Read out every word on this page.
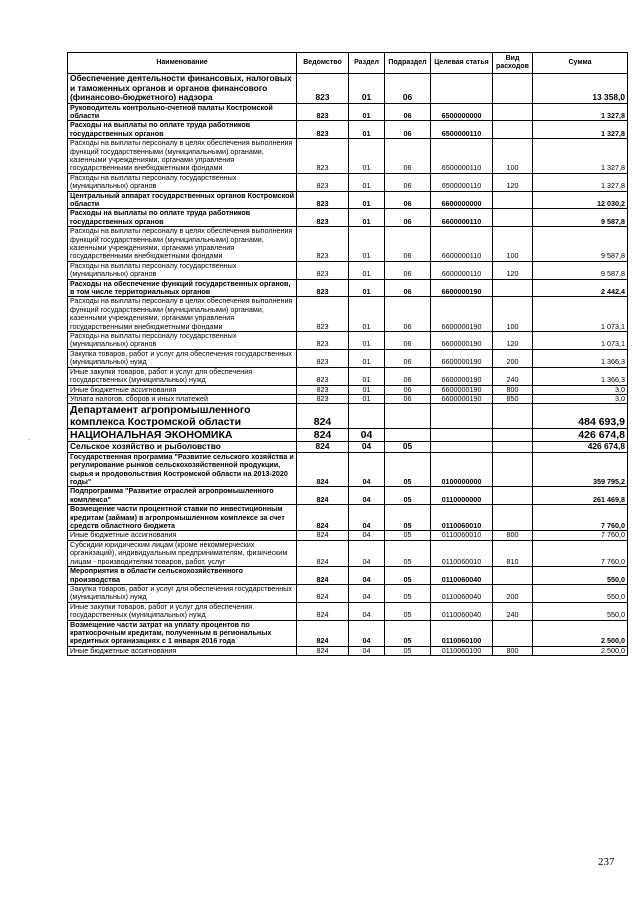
Наименование	Ведомство	Раздел	Подраздел	Целевая статья	Вид расходов	Сумма
Обеспечение деятельности финансовых, налоговых и таможенных органов и органов финансового (финансово-бюджетного) надзора	823	01	06			13 358,0
Руководитель контрольно-счетной палаты Костромской области	823	01	06	6500000000		1 327,8
Расходы на выплаты по оплате труда работников государственных органов	823	01	06	6500000110		1 327,8
Расходы на выплаты персоналу в целях обеспечения выполнения функций государственными (муниципальными) органами, казенными учреждениями, органами управления государственными внебюджетными фондами	823	01	06	6500000110	100	1 327,8
Расходы на выплаты персоналу государственных (муниципальных) органов	823	01	06	6500000110	120	1 327,8
Центральный аппарат государственных органов Костромской области	823	01	06	6600000000		12 030,2
Расходы на выплаты по оплате труда работников государственных органов	823	01	06	6600000110		9 587,8
Расходы на выплаты персоналу в целях обеспечения выполнения функций государственными (муниципальными) органами, казенными учреждениями, органами управления государственными внебюджетными фондами	823	01	06	6600000110	100	9 587,8
Расходы на выплаты персоналу государственных (муниципальных) органов	823	01	06	6600000110	120	9 587,8
Расходы на обеспечение функций государственных органов, в том числе территориальных органов	823	01	06	6600000190		2 442,4
Расходы на выплаты персоналу в целях обеспечения выполнения функций государственными (муниципальными) органами, казенными учреждениями, органами управления государственными внебюджетными фондами	823	01	06	6600000190	100	1 073,1
Расходы на выплаты персоналу государственных (муниципальных) органов	823	01	06	6600000190	120	1 073,1
Закупка товаров, работ и услуг для обеспечения государственных (муниципальных) нужд	823	01	06	6600000190	200	1 366,3
Иные закупки товаров, работ и услуг для обеспечения государственных (муниципальных) нужд	823	01	06	6600000190	240	1 366,3
Иные бюджетные ассигнования	823	01	06	6600000190	800	3,0
Уплата налогов, сборов и иных платежей	823	01	06	6600000190	850	3,0
Департамент агропромышленного комплекса Костромской области	824					484 693,9
НАЦИОНАЛЬНАЯ ЭКОНОМИКА	824	04				426 674,8
Сельское хозяйство и рыболовство	824	04	05			426 674,8
Государственная программа "Развитие сельского хозяйства и регулирование рынков сельскохозяйственной продукции, сырья и продовольствия Костромской области на 2013-2020 годы"	824	04	05	0100000000		359 795,2
Подпрограмма "Развитие отраслей агропромышленного комплекса"	824	04	05	0110000000		261 469,8
Возмещение части процентной ставки по инвестиционным кредитам (займам) в агропромышленном комплексе за счет средств областного бюджета	824	04	05	0110060010		7 760,0
Иные бюджетные ассигнования	824	04	05	0110060010	800	7 760,0
Субсидии юридическим лицам (кроме некоммерческих организаций), индивидуальным предпринимателям, физическим лицам - производителям товаров, работ, услуг	824	04	05	0110060010	810	7 760,0
Мероприятия в области сельскохозяйственного производства	824	04	05	0110060040		550,0
Закупка товаров, работ и услуг для обеспечения государственных (муниципальных) нужд	824	04	05	0110060040	200	550,0
Иные закупки товаров, работ и услуг для обеспечения государственных (муниципальных) нужд	824	04	05	0110060040	240	550,0
Возмещение части затрат на уплату процентов по краткосрочным кредитам, полученным в региональных кредитных организациях с 1 января 2016 года	824	04	05	0110060100		2 500,0
Иные бюджетные ассигнования	824	04	05	0110060100	800	2 500,0
-
237
